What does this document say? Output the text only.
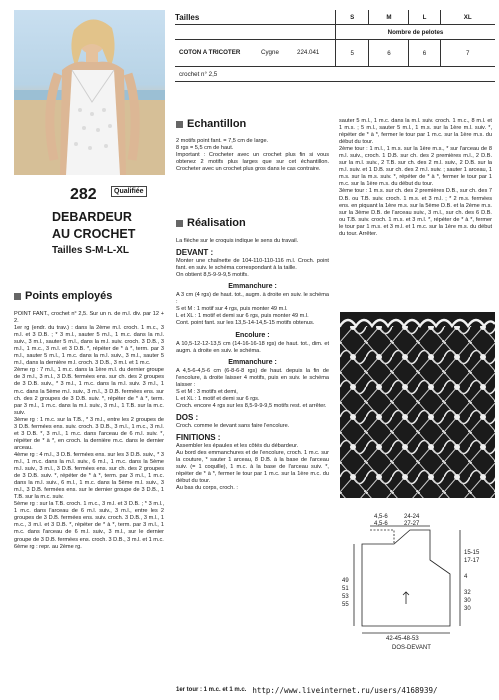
282	Qualifiée
DEBARDEUR
AU CROCHET
Tailles S-M-L-XL
Points employés

POINT FANT., crochet n° 2,5. Sur un n. de m.l. div. par 12 + 2.

1er rg (endr. du trav.) : dans la 2ème m.l. croch. 1 m.c., 3 m.l. et 3 D.B. ; * 3 m.l., sauter 5 m.l., 1 m.c. dans la m.l. suiv., 3 m.l., sauter 5 m.l., dans la m.l. suiv. croch. 3 D.B., 3 m.l., 1 m.c., 3 m.l. et 3 D.B. *, répéter de * à *, term. par 3 m.l., sauter 5 m.l., 1 m.c. dans la m.l. suiv., 3 m.l., sauter 5 m.l., dans la dernière m.l. croch. 3 D.B., 3 m.l. et 1 m.c.

2ème rg : 7 m.l., 1 m.c. dans la 1ère m.l. du dernier groupe de 3 m.l., 3 m.l., 3 D.B. fermées ens. sur ch. des 2 groupes de 3 D.B. suiv., * 3 m.l., 1 m.c. dans la m.l. suiv. 3 m.l., 1 m.c. dans la 5ème m.l. suiv., 3 m.l., 3 D.B. fermées ens. sur ch. des 2 groupes de 3 D.B. suiv. *, répéter de * à *, term. par 3 m.l., 1 m.c. dans la m.l. suiv., 3 m.l., 1 T.B. sur la m.c. suiv.

3ème rg : 1 m.c. sur la T.B., * 3 m.l., entre les 2 groupes de 3 D.B. fermées ens. suiv. croch. 3 D.B., 3 m.l., 1 m.c., 3 m.l. et 3 D.B. *, 3 m.l., 1 m.c. dans l'arceau de 6 m.l. suiv. *, répéter de * à *, en croch. la dernière m.c. dans le dernier arceau.

4ème rg : 4 m.l., 3 D.B. fermées ens. sur les 3 D.B. suiv., * 3 m.l., 1 m.c. dans la m.l. suiv., 6 m.l., 1 m.c. dans la 5ème m.l. suiv., 3 m.l., 3 D.B. fermées ens. sur ch. des 2 groupes de 3 D.B. suiv. *, répéter de * à *, term. par 3 m.l., 1 m.c. dans la m.l. suiv., 6 m.l., 1 m.c. dans la 5ème m.l. suiv., 3 m.l., 3 D.B. fermées ens. sur le dernier groupe de 3 D.B., 1 T.B. sur la m.c. suiv.

5ème rg : sur la T.B. croch. 1 m.c., 3 m.l. et 3 D.B. ; * 3 m.l., 1 m.c. dans l'arceau de 6 m.l. suiv., 3 m.l., entre les 2 groupes de 3 D.B. fermées ens. suiv. croch. 3 D.B., 3 m.l., 1 m.c., 3 m.l. et 3 D.B. *, répéter de * à *, term. par 3 m.l., 1 m.c. dans l'arceau de 6 m.l. suiv., 3 m.l., sur le dernier groupe de 3 D.B. fermées ens. croch. 3 D.B., 3 m.l. et 1 m.c.

6ème rg : repr. au 2ème rg.

Tailles	S	M	L	XL
	Nombre de pelotes			

COTON A TRICOTER Cygne 224.041	5	6	6	7
crochet n° 2,5				
Echantillon

2 motifs point fant. = 7,5 cm de large.

8 rgs = 5,5 cm de haut.

Important : Crocheter avec un crochet plus fin si vous obtenez 2 motifs plus larges que sur cet échantillon. Crocheter avec un crochet plus gros dans le cas contraire.

Réalisation

La flèche sur le croquis indique le sens du travail.

DEVANT :

Monter une chaînette de 104-110-110-116 m.l. Croch. point fant. en suiv. le schéma correspondant à la taille.

On obtient 8,5-9-9-9,5 motifs.

Emmanchure :

A 3 cm (4 rgs) de haut. tot., augm. à droite en suiv. le schéma :

S et M : 1 motif sur 4 rgs, puis monter 49 m.l.

L et XL : 1 motif et demi sur 6 rgs, puis monter 49 m.l.

Cont. point fant. sur les 13,5-14-14,5-15 motifs obtenus.

Encolure :

A 10,5-12-12-13,5 cm (14-16-16-18 rgs) de haut. tot., dim. et augm. à droite en suiv. le schéma.

Emmanchure :

A 4,5-6-4,5-6 cm (6-8-6-8 rgs) de haut. depuis la fin de l'encolure, à droite laisser 4 motifs, puis en suiv. le schéma laisser :

S et M : 3 motifs et demi,

L et XL : 1 motif et demi sur 6 rgs.

Croch. encore 4 rgs sur les 8,5-9-9-9,5 motifs rest. et arrêter.

DOS :

Croch. comme le devant sans faire l'encolure.

FINITIONS :

Assembler les épaules et les côtés du débardeur.

Au bord des emmanchures et de l'encolure, croch. 1 m.c. sur la couture, * sauter 1 arceau, 8 D.B. à la base de l'arceau suiv. (= 1 coquille), 1 m.c. à la base de l'arceau suiv. *, répéter de * à *, fermer le tour par 1 m.c. sur la 1ère m.c. du début du tour.

Au bas du corps, croch. :

sauter 5 m.l., 1 m.c. dans la m.l. suiv. croch. 1 m.c., 8 m.l. et 1 m.s. ; 5 m.l., sauter 5 m.l., 1 m.s. sur la 1ère m.l. suiv. *, répéter de * à *, fermer le tour par 1 m.c. sur la 1ère m.s. du début du tour.

2ème tour : 1 m.l., 1 m.s. sur la 1ère m.s., * sur l'arceau de 8 m.l. suiv., croch. 1 D.B. sur ch. des 2 premières m.l., 2 D.B. sur la m.l. suiv., 2 T.B. sur ch. des 2 m.l. suiv., 2 D.B. sur la m.l. suiv. et 1 D.B. sur ch. des 2 m.l. suiv. ; sauter 1 arceau, 1 m.s. sur la m.s. suiv. *, répéter de * à *, fermer le tour par 1 m.c. sur la 1ère m.s. du début du tour.

3ème tour : 1 m.s. sur ch. des 2 premières D.B., sur ch. des 7 D.B. ou T.B. suiv. croch. 1 m.s. et 3 m.l. ; * 2 m.s. fermées ens. en piquant la 1ère m.s. sur la 5ème D.B. et la 2ème m.s. sur la 3ème D.B. de l'arceau suiv., 3 m.l., sur ch. des 6 D.B. ou T.B. suiv. croch. 1 m.s. et 3 m.l. *, répéter de * à *, fermer le tour par 1 m.s. et 3 m.l. et 1 m.c. sur la 1ère m.s. du début du tour. Arrêter.

4,5-6
4,5-6
24-24
27-27
15-15
17-17
4
32
30
30
49
51
53
55
42-45-48-53
DOS-DEVANT
1er tour : 1 m.c. et 1 m.c. http://www.liveinternet.ru/users/4168939/
